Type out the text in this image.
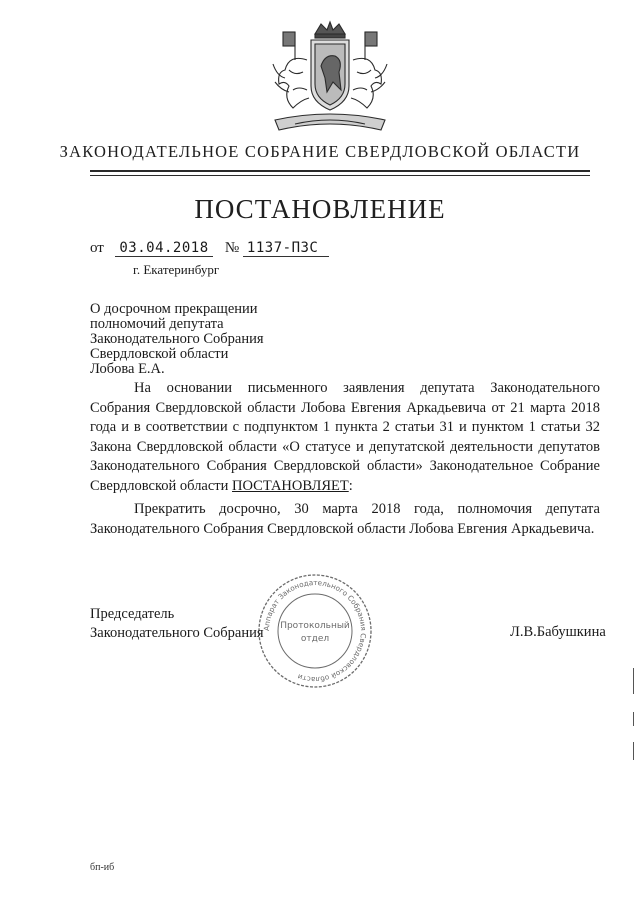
ЗАКОНОДАТЕЛЬНОЕ СОБРАНИЕ СВЕРДЛОВСКОЙ ОБЛАСТИ
ПОСТАНОВЛЕНИЕ
от 03.04.2018 № 1137-ПЗС
г. Екатеринбург
О досрочном прекращении
полномочий депутата
Законодательного Собрания
Свердловской области
Лобова Е.А.
На основании письменного заявления депутата Законодательного Собрания Свердловской области Лобова Евгения Аркадьевича от 21 марта 2018 года и в соответствии с подпунктом 1 пункта 2 статьи 31 и пунктом 1 статьи 32 Закона Свердловской области «О статусе и депутатской деятельности депутатов Законодательного Собрания Свердловской области» Законодательное Собрание Свердловской области ПОСТАНОВЛЯЕТ:
Прекратить досрочно, 30 марта 2018 года, полномочия депутата Законодательного Собрания Свердловской области Лобова Евгения Аркадьевича.
Аппарат Законодательного Собрания Свердловской области
Протокольный
отдел
Председатель
Законодательного Собрания	Л.В.Бабушкина
бп-иб
